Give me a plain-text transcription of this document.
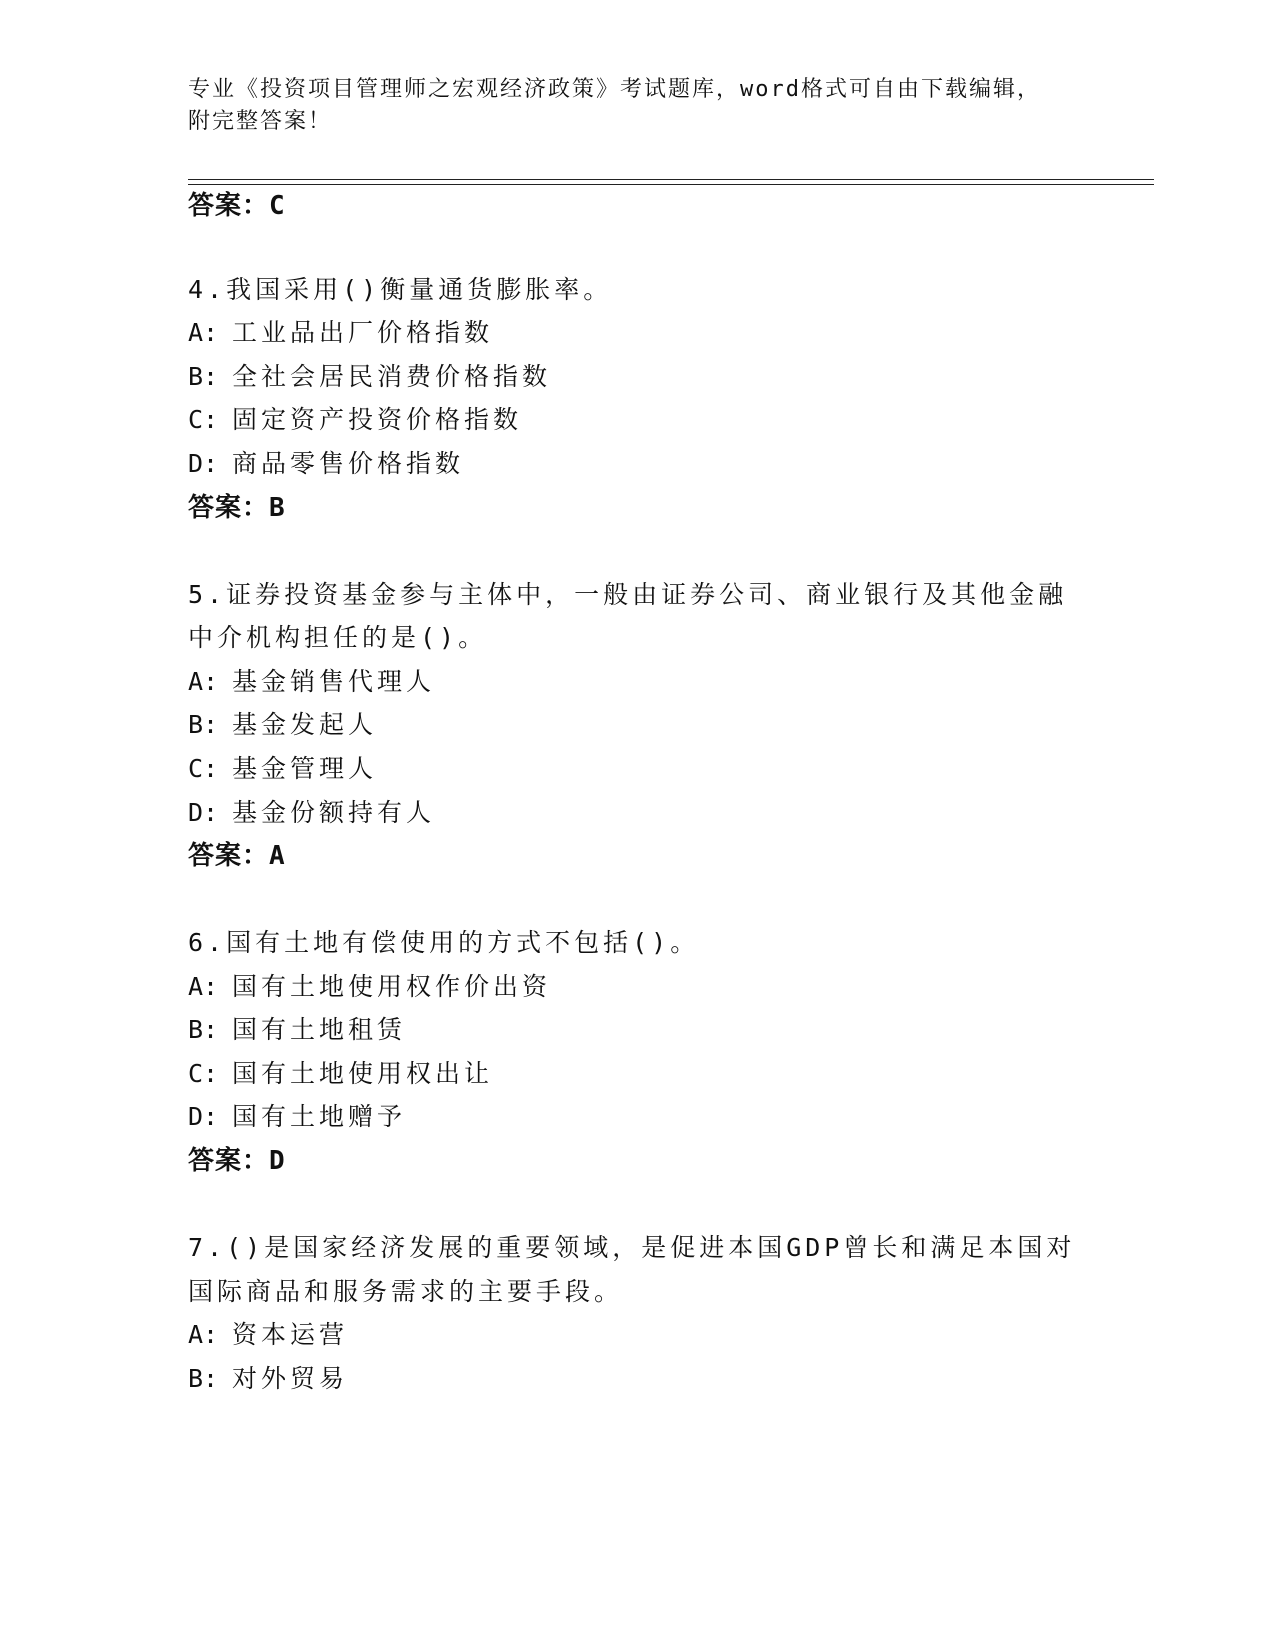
专业《投资项目管理师之宏观经济政策》考试题库，word格式可自由下载编辑，
附完整答案！
答案：C
4.我国采用()衡量通货膨胀率。
A: 工业品出厂价格指数
B: 全社会居民消费价格指数
C: 固定资产投资价格指数
D: 商品零售价格指数
答案：B
5.证券投资基金参与主体中，一般由证券公司、商业银行及其他金融
中介机构担任的是()。
A: 基金销售代理人
B: 基金发起人
C: 基金管理人
D: 基金份额持有人
答案：A
6.国有土地有偿使用的方式不包括()。
A: 国有土地使用权作价出资
B: 国有土地租赁
C: 国有土地使用权出让
D: 国有土地赠予
答案：D
7.()是国家经济发展的重要领域，是促进本国GDP曾长和满足本国对
国际商品和服务需求的主要手段。
A: 资本运营
B: 对外贸易
